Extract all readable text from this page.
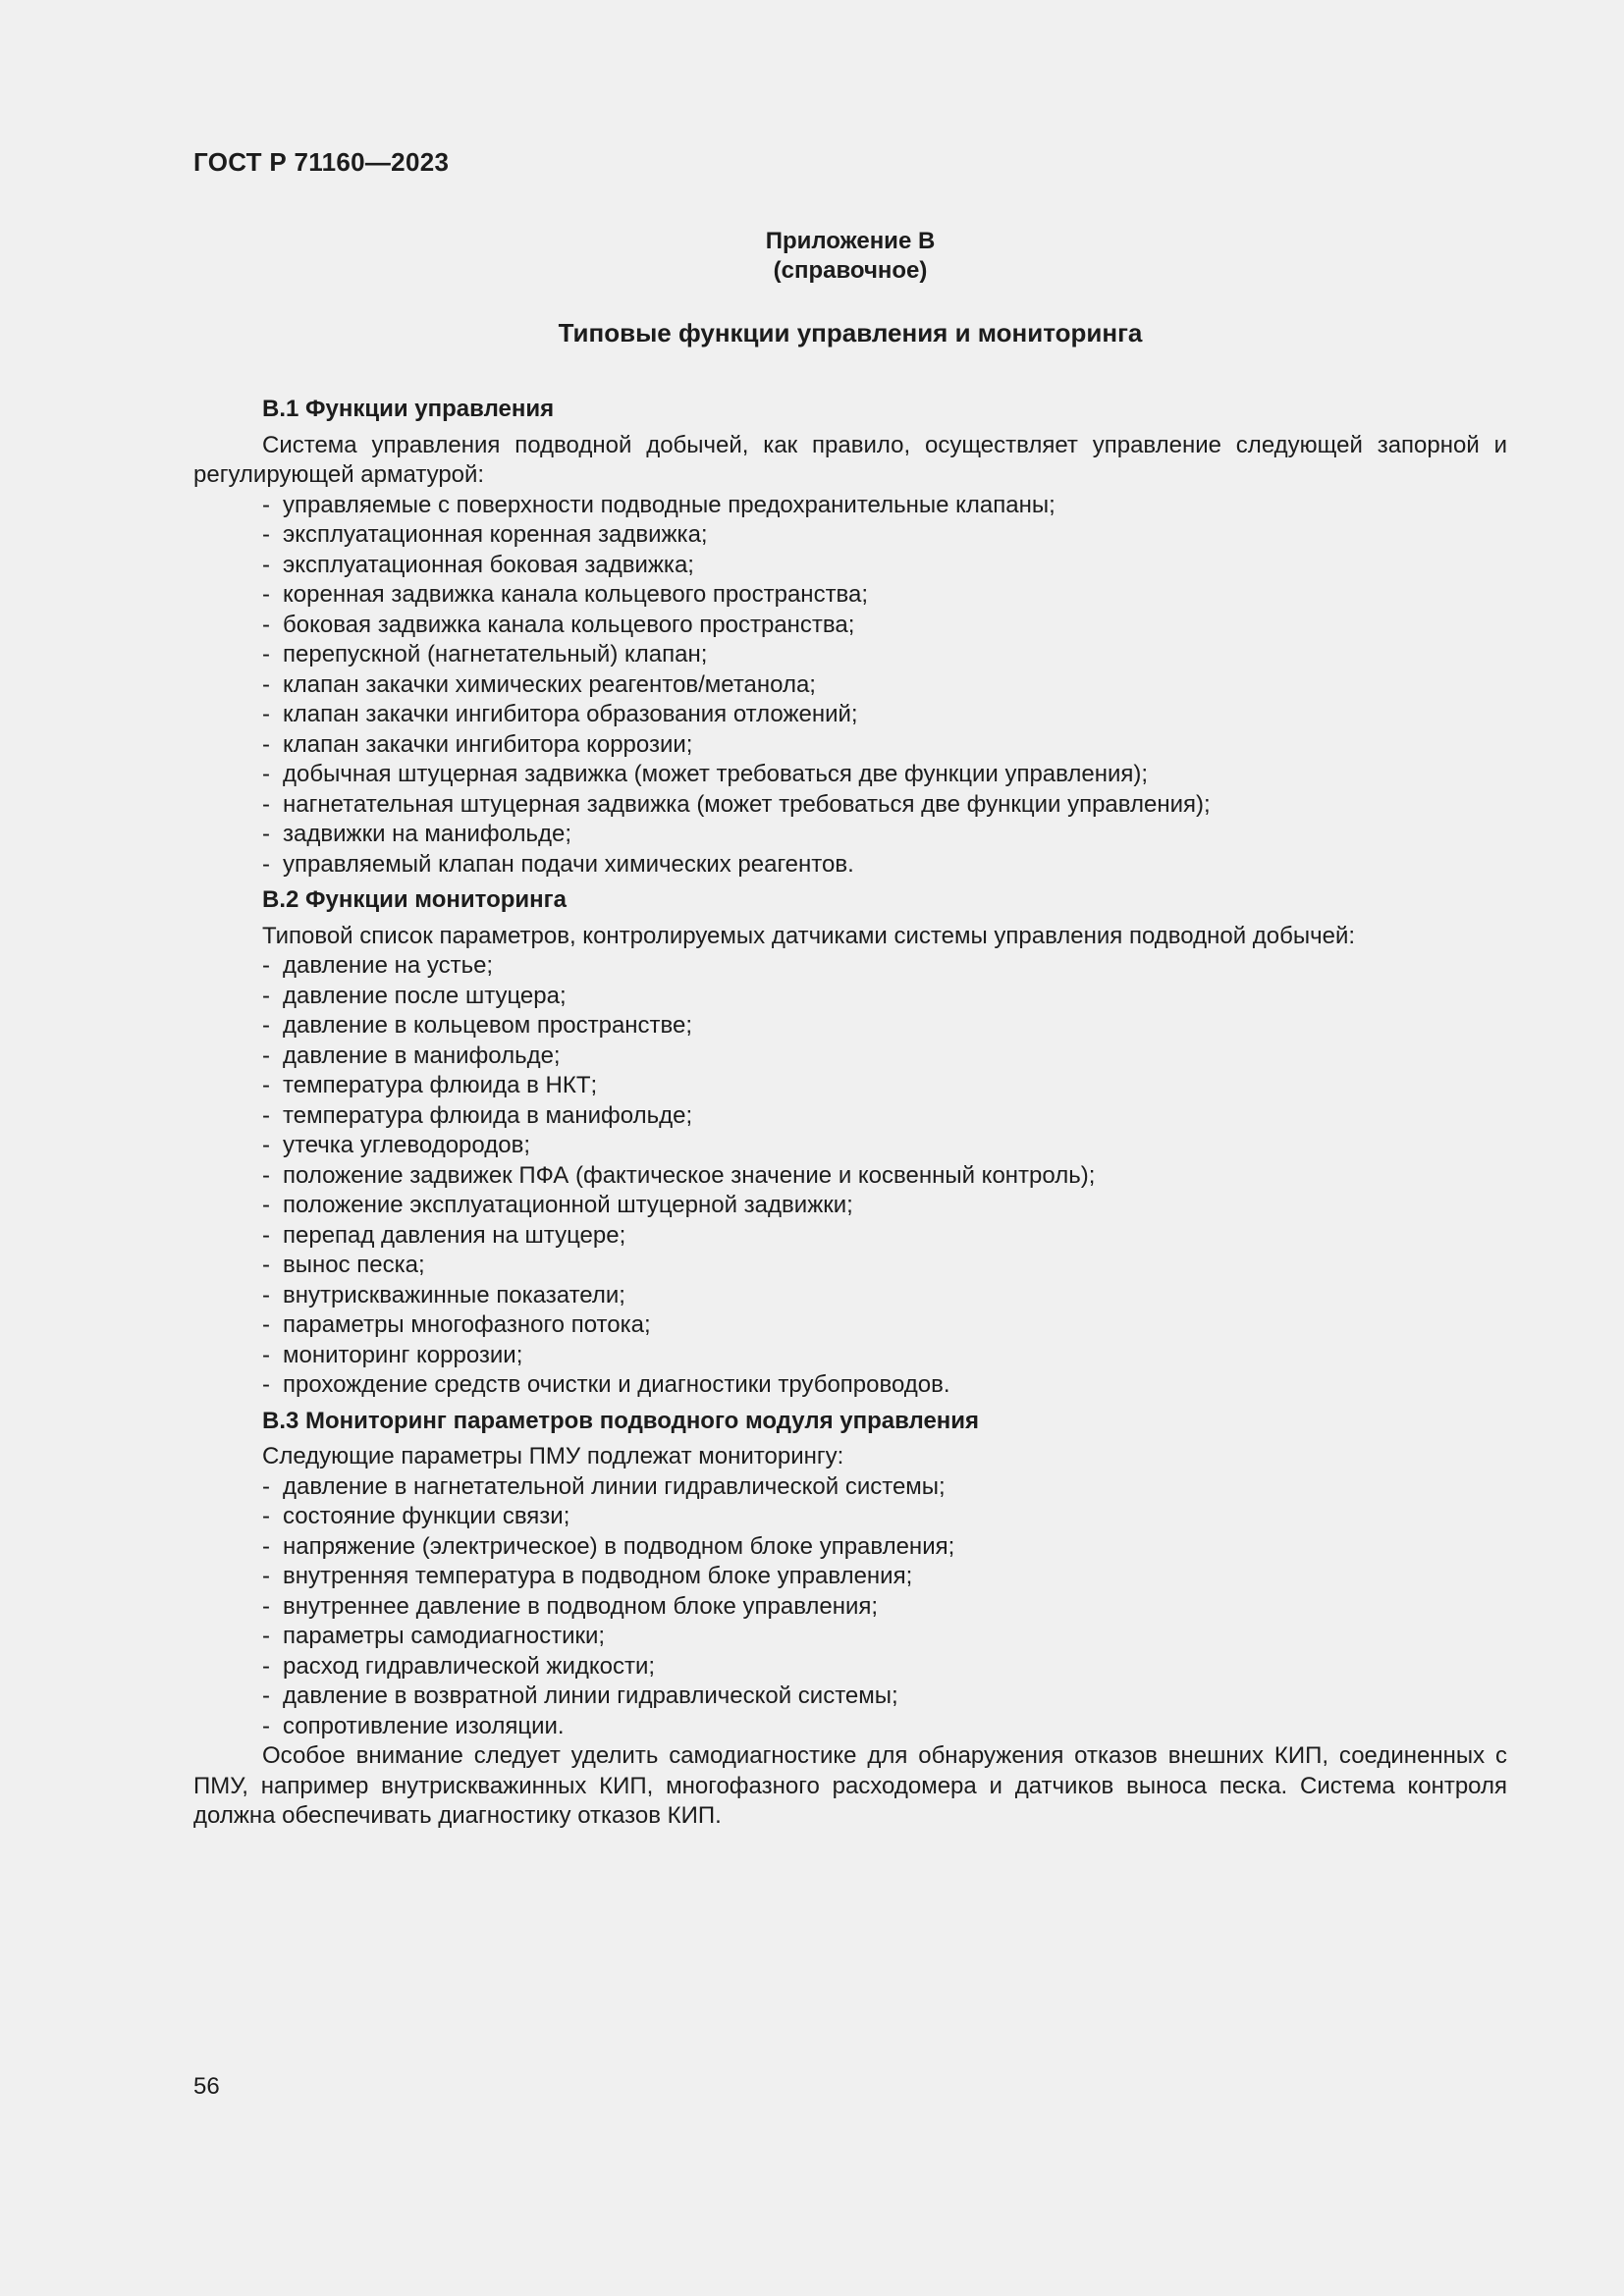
ГОСТ Р 71160—2023
Приложение В
(справочное)
Типовые функции управления и мониторинга
В.1 Функции управления

Система управления подводной добычей, как правило, осуществляет управление следующей запорной и регулирующей арматурой:

- управляемые с поверхности подводные предохранительные клапаны;
- эксплуатационная коренная задвижка;
- эксплуатационная боковая задвижка;
- коренная задвижка канала кольцевого пространства;
- боковая задвижка канала кольцевого пространства;
- перепускной (нагнетательный) клапан;
- клапан закачки химических реагентов/метанола;
- клапан закачки ингибитора образования отложений;
- клапан закачки ингибитора коррозии;
- добычная штуцерная задвижка (может требоваться две функции управления);
- нагнетательная штуцерная задвижка (может требоваться две функции управления);
- задвижки на манифольде;
- управляемый клапан подачи химических реагентов.
В.2 Функции мониторинга

Типовой список параметров, контролируемых датчиками системы управления подводной добычей:

- давление на устье;
- давление после штуцера;
- давление в кольцевом пространстве;
- давление в манифольде;
- температура флюида в НКТ;
- температура флюида в манифольде;
- утечка углеводородов;
- положение задвижек ПФА (фактическое значение и косвенный контроль);
- положение эксплуатационной штуцерной задвижки;
- перепад давления на штуцере;
- вынос песка;
- внутрискважинные показатели;
- параметры многофазного потока;
- мониторинг коррозии;
- прохождение средств очистки и диагностики трубопроводов.
В.3 Мониторинг параметров подводного модуля управления

Следующие параметры ПМУ подлежат мониторингу:

- давление в нагнетательной линии гидравлической системы;
- состояние функции связи;
- напряжение (электрическое) в подводном блоке управления;
- внутренняя температура в подводном блоке управления;
- внутреннее давление в подводном блоке управления;
- параметры самодиагностики;
- расход гидравлической жидкости;
- давление в возвратной линии гидравлической системы;
- сопротивление изоляции.

Особое внимание следует уделить самодиагностике для обнаружения отказов внешних КИП, соединенных с ПМУ, например внутрискважинных КИП, многофазного расходомера и датчиков выноса песка. Система контроля должна обеспечивать диагностику отказов КИП.

56
